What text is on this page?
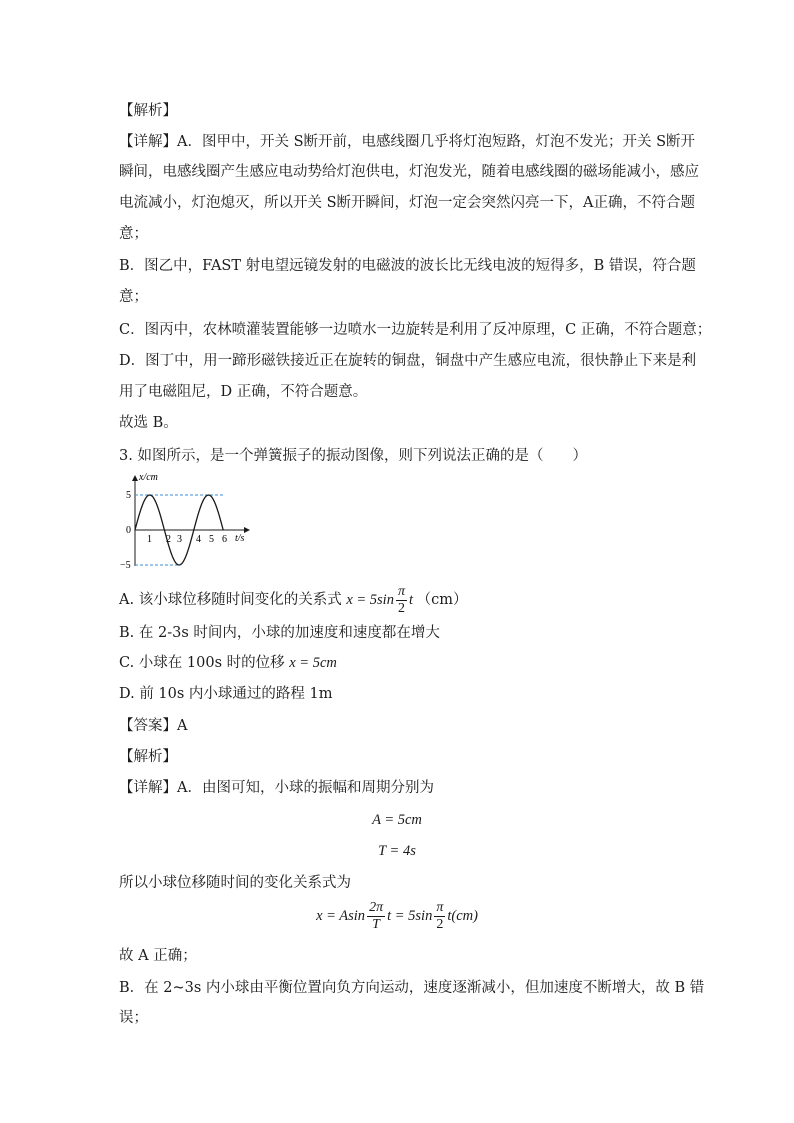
【解析】
【详解】A．图甲中，开关 S断开前，电感线圈几乎将灯泡短路，灯泡不发光；开关 S断开
瞬间，电感线圈产生感应电动势给灯泡供电，灯泡发光，随着电感线圈的磁场能减小，感应
电流减小，灯泡熄灭，所以开关 S断开瞬间，灯泡一定会突然闪亮一下，A正确，不符合题
意；
B．图乙中，FAST 射电望远镜发射的电磁波的波长比无线电波的短得多，B 错误，符合题
意；
C．图丙中，农林喷灌装置能够一边喷水一边旋转是利用了反冲原理，C 正确，不符合题意；
D．图丁中，用一蹄形磁铁接近正在旋转的铜盘，铜盘中产生感应电流，很快静止下来是利
用了电磁阻尼，D 正确，不符合题意。
故选 B。
3. 如图所示，是一个弹簧振子的振动图像，则下列说法正确的是（　　）
x/cm
t/s
5
0
−5
1 2 3 4 5 6
A. 该小球位移随时间变化的关系式 $x = 5\sin \frac{\pi}{2}$ t （cm）
B. 在 2-3s 时间内，小球的加速度和速度都在增大
C. 小球在 100s 时的位移 x = 5cm
D. 前 10s 内小球通过的路程 1m
【答案】A
【解析】
【详解】A．由图可知，小球的振幅和周期分别为
A = 5cm
T = 4s
所以小球位移随时间的变化关系式为
x = Asin $\frac{2\pi}{T}$ $t = 5\sin \frac{\pi}{2} t(cm)$
故 A 正确；
B．在 2~3s 内小球由平衡位置向负方向运动，速度逐渐减小，但加速度不断增大，故 B 错
误；
